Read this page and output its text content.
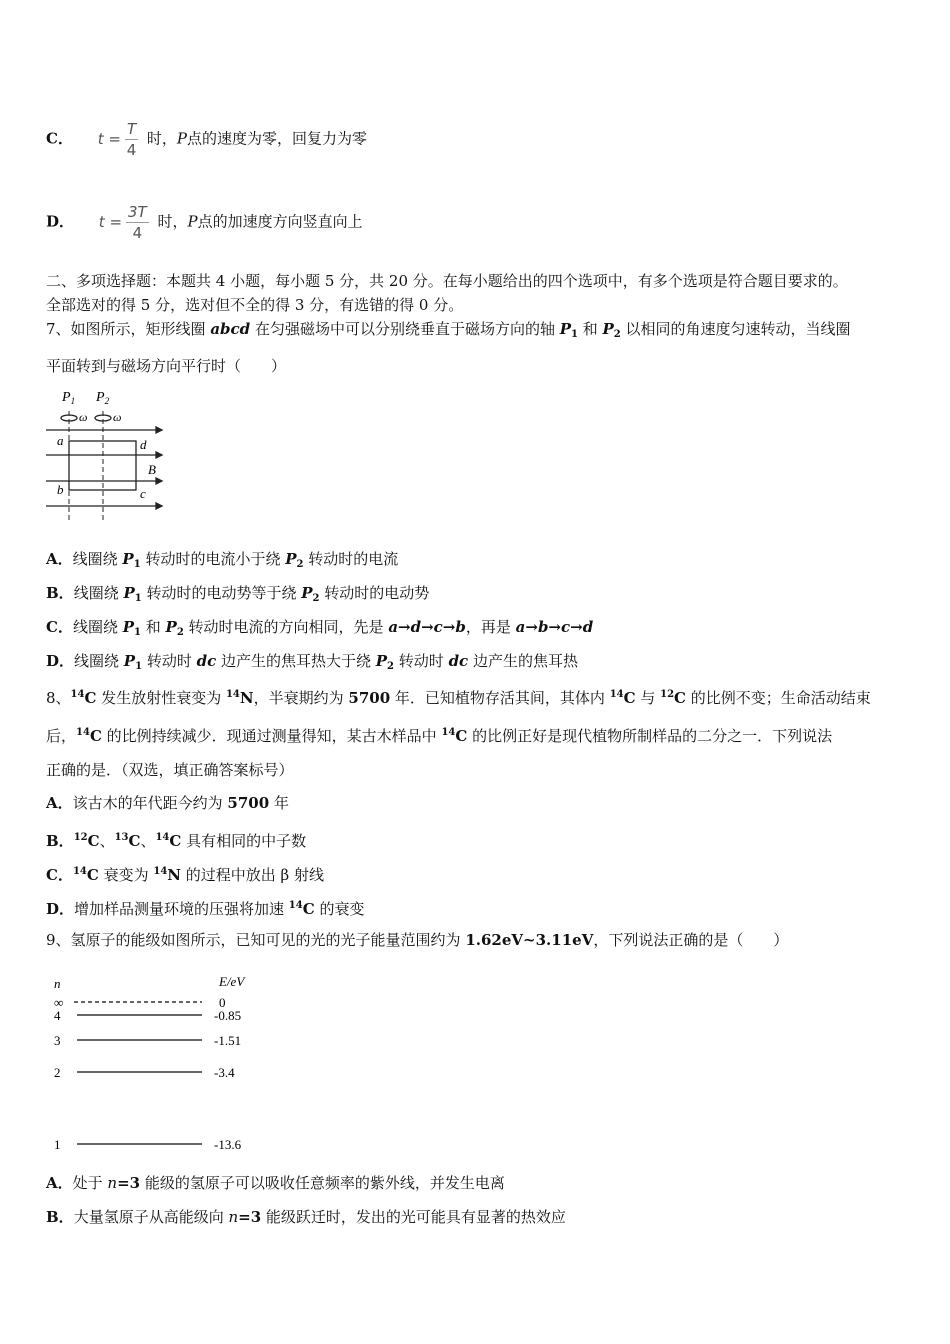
C． $t = \frac{T}{4}$ 时，P点的速度为零，回复力为零
D． $t = \frac{3T}{4}$ 时，P点的加速度方向竖直向上
二、多项选择题：本题共 4 小题，每小题 5 分，共 20 分。在每小题给出的四个选项中，有多个选项是符合题目要求的。
全部选对的得 5 分，选对但不全的得 3 分，有选错的得 0 分。
7、如图所示，矩形线圈 abcd 在匀强磁场中可以分别绕垂直于磁场方向的轴 $P_1$ 和 $P_2$ 以相同的角速度匀速转动，当线圈
平面转到与磁场方向平行时（　　）
A．线圈绕 $P_1$ 转动时的电流小于绕 $P_2$ 转动时的电流
B．线圈绕 $P_1$ 转动时的电动势等于绕 $P_2$ 转动时的电动势
C．线圈绕 $P_1$ 和 $P_2$ 转动时电流的方向相同，先是 a→d→c→b，再是 a→b→c→d
D．线圈绕 $P_1$ 转动时 dc 边产生的焦耳热大于绕 $P_2$ 转动时 dc 边产生的焦耳热
8、$^{14}$C 发生放射性衰变为 $^{14}$N，半衰期约为 5700 年．已知植物存活其间，其体内 $^{14}$C 与 $^{12}$C 的比例不变；生命活动结束
后，$^{14}$C 的比例持续减少．现通过测量得知，某古木样品中 $^{14}$C 的比例正好是现代植物所制样品的二分之一．下列说法
正确的是．（双选，填正确答案标号）
A．该古木的年代距今约为 5700 年
B．$^{12}$C、$^{13}$C、$^{14}$C 具有相同的中子数
C．$^{14}$C 衰变为 $^{14}$N 的过程中放出 β 射线
D．增加样品测量环境的压强将加速 $^{14}$C 的衰变
9、氢原子的能级如图所示，已知可见的光的光子能量范围约为 1.62eV~3.11eV，下列说法正确的是（　　）
A．处于 n=3 能级的氢原子可以吸收任意频率的紫外线，并发生电离
B．大量氢原子从高能级向 n=3 能级跃迁时，发出的光可能具有显著的热效应
$P_1$ $P_2$
ω ω
a	d
b	c
B
n	E/eV
∞	0
4	-0.85
3	-1.51
2	-3.4
1	-13.6
